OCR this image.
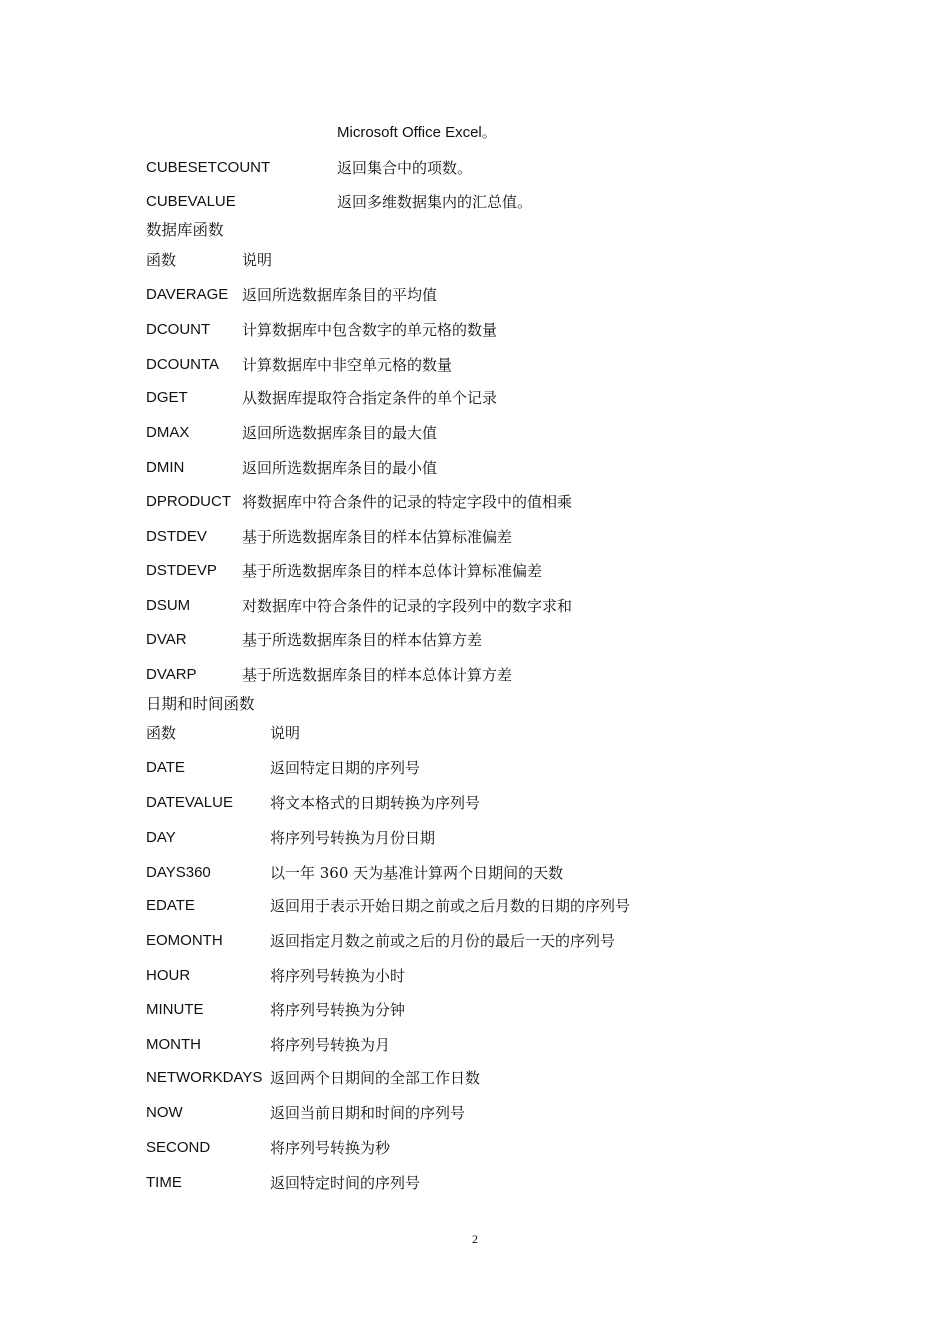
Microsoft Office Excel。
CUBESETCOUNT	返回集合中的项数。
CUBEVALUE	返回多维数据集内的汇总值。
数据库函数
函数	说明
DAVERAGE 返回所选数据库条目的平均值
DCOUNT 计算数据库中包含数字的单元格的数量
DCOUNTA 计算数据库中非空单元格的数量
DGET	从数据库提取符合指定条件的单个记录
DMAX	返回所选数据库条目的最大值
DMIN	返回所选数据库条目的最小值
DPRODUCT 将数据库中符合条件的记录的特定字段中的值相乘
DSTDEV 基于所选数据库条目的样本估算标准偏差
DSTDEVP 基于所选数据库条目的样本总体计算标准偏差
DSUM	对数据库中符合条件的记录的字段列中的数字求和
DVAR	基于所选数据库条目的样本估算方差
DVARP	基于所选数据库条目的样本总体计算方差
日期和时间函数
函数	说明
DATE	返回特定日期的序列号
DATEVALUE 将文本格式的日期转换为序列号
DAY	将序列号转换为月份日期
DAYS360	以一年 360 天为基准计算两个日期间的天数
EDATE	返回用于表示开始日期之前或之后月数的日期的序列号
EOMONTH	返回指定月数之前或之后的月份的最后一天的序列号
HOUR	将序列号转换为小时
MINUTE	将序列号转换为分钟
MONTH	将序列号转换为月
NETWORKDAYS 返回两个日期间的全部工作日数
NOW	返回当前日期和时间的序列号
SECOND	将序列号转换为秒
TIME	返回特定时间的序列号
2
